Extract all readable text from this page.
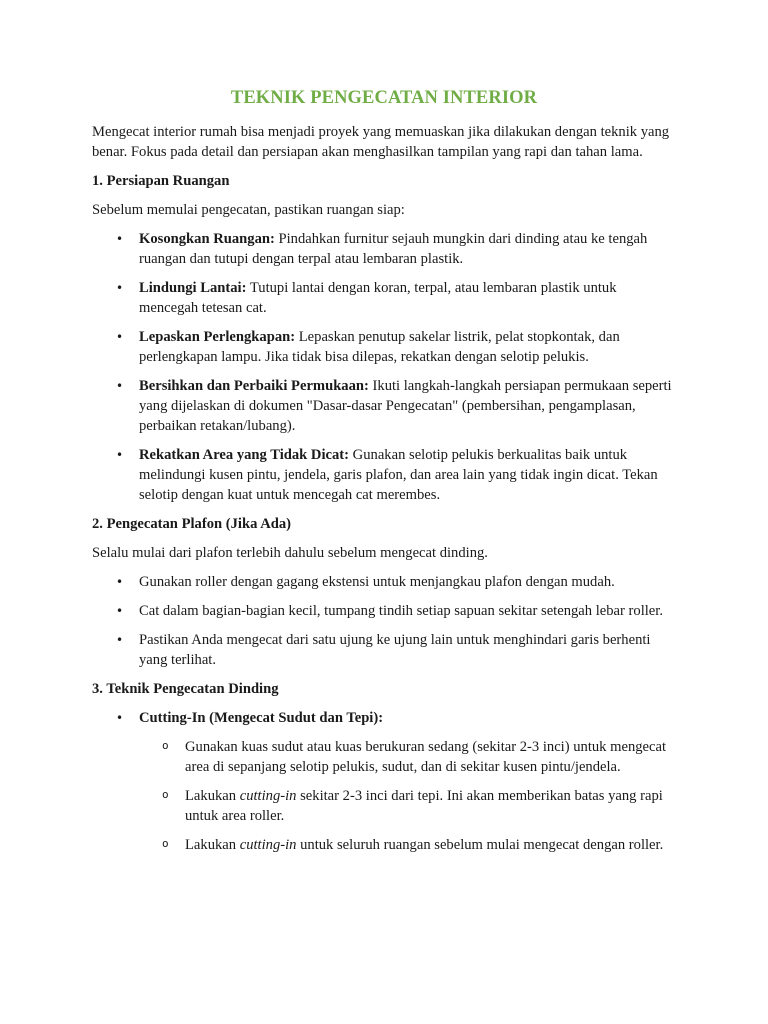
TEKNIK PENGECATAN INTERIOR

Mengecat interior rumah bisa menjadi proyek yang memuaskan jika dilakukan dengan teknik yang benar. Fokus pada detail dan persiapan akan menghasilkan tampilan yang rapi dan tahan lama.

1. Persiapan Ruangan

Sebelum memulai pengecatan, pastikan ruangan siap:

• Kosongkan Ruangan: Pindahkan furnitur sejauh mungkin dari dinding atau ke tengah ruangan dan tutupi dengan terpal atau lembaran plastik.
• Lindungi Lantai: Tutupi lantai dengan koran, terpal, atau lembaran plastik untuk mencegah tetesan cat.
• Lepaskan Perlengkapan: Lepaskan penutup sakelar listrik, pelat stopkontak, dan perlengkapan lampu. Jika tidak bisa dilepas, rekatkan dengan selotip pelukis.
• Bersihkan dan Perbaiki Permukaan: Ikuti langkah-langkah persiapan permukaan seperti yang dijelaskan di dokumen "Dasar-dasar Pengecatan" (pembersihan, pengamplasan, perbaikan retakan/lubang).
• Rekatkan Area yang Tidak Dicat: Gunakan selotip pelukis berkualitas baik untuk melindungi kusen pintu, jendela, garis plafon, dan area lain yang tidak ingin dicat. Tekan selotip dengan kuat untuk mencegah cat merembes.

2. Pengecatan Plafon (Jika Ada)

Selalu mulai dari plafon terlebih dahulu sebelum mengecat dinding.

• Gunakan roller dengan gagang ekstensi untuk menjangkau plafon dengan mudah.
• Cat dalam bagian-bagian kecil, tumpang tindih setiap sapuan sekitar setengah lebar roller.
• Pastikan Anda mengecat dari satu ujung ke ujung lain untuk menghindari garis berhenti yang terlihat.

3. Teknik Pengecatan Dinding

• Cutting-In (Mengecat Sudut dan Tepi):
o Gunakan kuas sudut atau kuas berukuran sedang (sekitar 2-3 inci) untuk mengecat area di sepanjang selotip pelukis, sudut, dan di sekitar kusen pintu/jendela.
o Lakukan cutting-in sekitar 2-3 inci dari tepi. Ini akan memberikan batas yang rapi untuk area roller.
o Lakukan cutting-in untuk seluruh ruangan sebelum mulai mengecat dengan roller.
